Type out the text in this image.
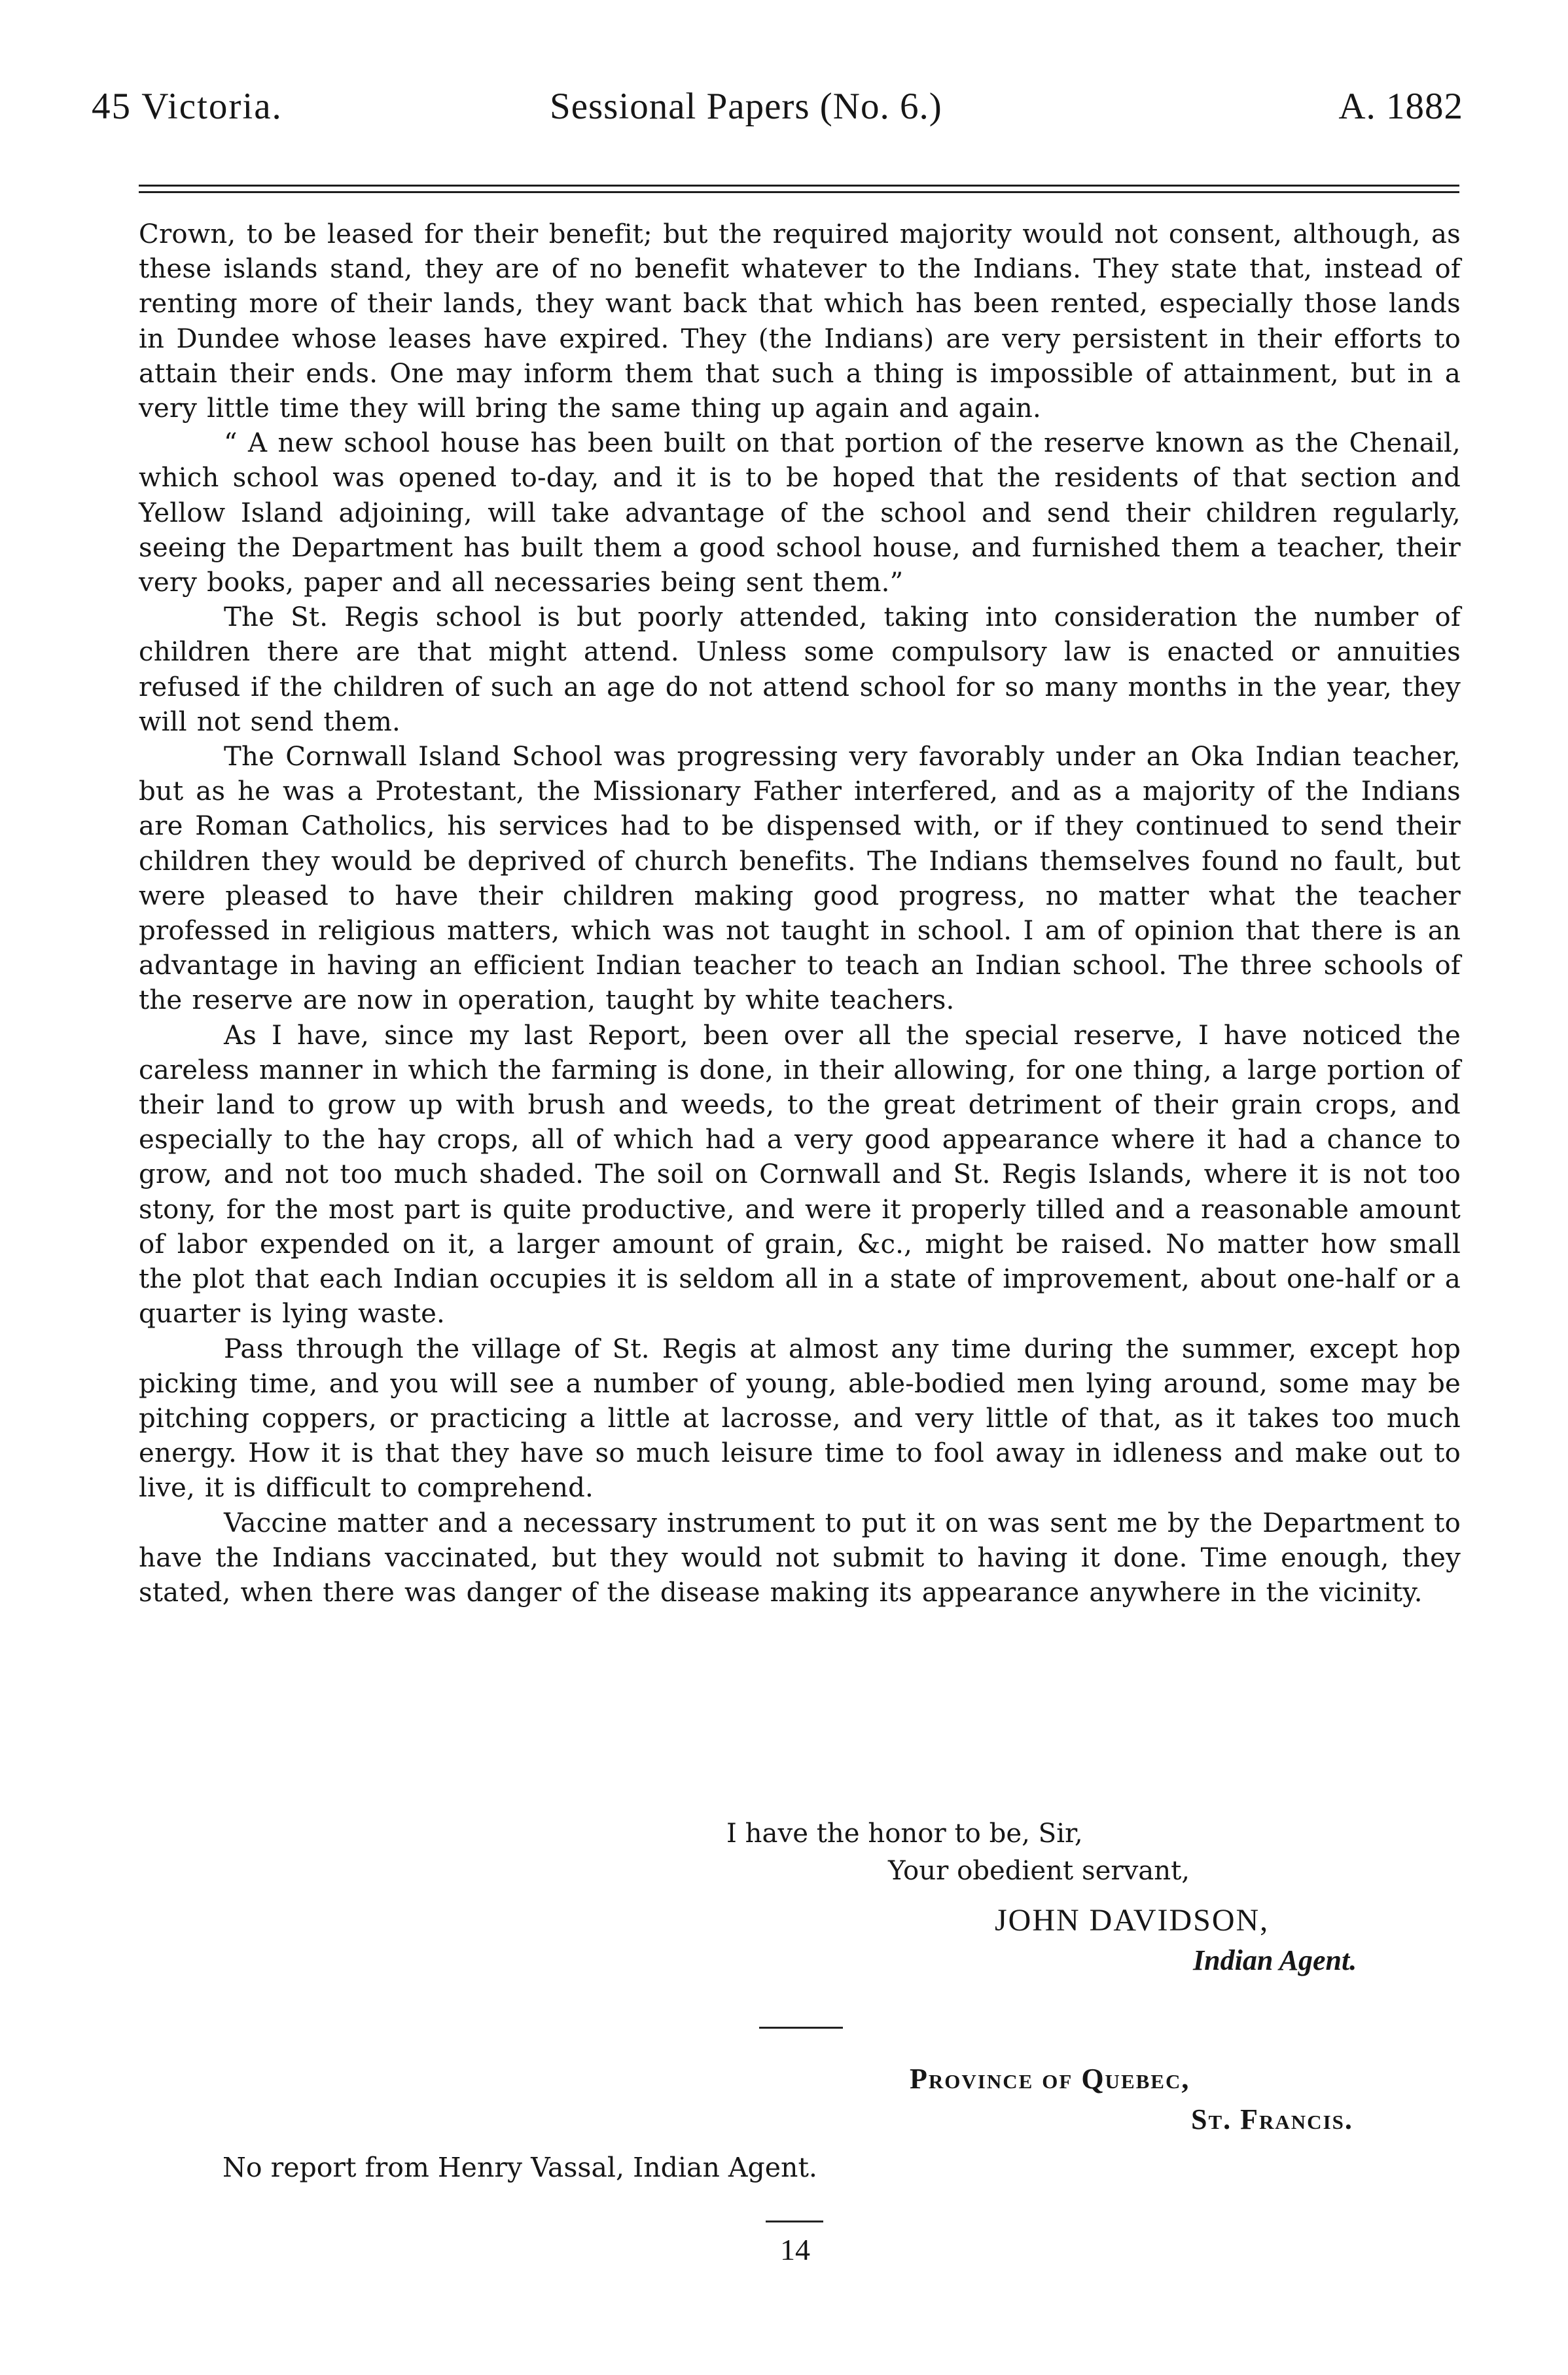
45 Victoria.	Sessional Papers (No. 6.)	A. 1882

Crown, to be leased for their benefit; but the required majority would not consent, although, as these islands stand, they are of no benefit whatever to the Indians. They state that, instead of renting more of their lands, they want back that which has been rented, especially those lands in Dundee whose leases have expired. They (the Indians) are very persistent in their efforts to attain their ends. One may inform them that such a thing is impossible of attainment, but in a very little time they will bring the same thing up again and again.

“ A new school house has been built on that portion of the reserve known as the Chenail, which school was opened to-day, and it is to be hoped that the residents of that section and Yellow Island adjoining, will take advantage of the school and send their children regularly, seeing the Department has built them a good school house, and furnished them a teacher, their very books, paper and all necessaries being sent them.”

The St. Regis school is but poorly attended, taking into consideration the number of children there are that might attend. Unless some compulsory law is enacted or annuities refused if the children of such an age do not attend school for so many months in the year, they will not send them.

The Cornwall Island School was progressing very favorably under an Oka Indian teacher, but as he was a Protestant, the Missionary Father interfered, and as a majority of the Indians are Roman Catholics, his services had to be dispensed with, or if they continued to send their children they would be deprived of church benefits. The Indians themselves found no fault, but were pleased to have their children making good progress, no matter what the teacher professed in religious matters, which was not taught in school. I am of opinion that there is an advantage in having an efficient Indian teacher to teach an Indian school. The three schools of the reserve are now in operation, taught by white teachers.

As I have, since my last Report, been over all the special reserve, I have noticed the careless manner in which the farming is done, in their allowing, for one thing, a large portion of their land to grow up with brush and weeds, to the great detriment of their grain crops, and especially to the hay crops, all of which had a very good appearance where it had a chance to grow, and not too much shaded. The soil on Cornwall and St. Regis Islands, where it is not too stony, for the most part is quite productive, and were it properly tilled and a reasonable amount of labor expended on it, a larger amount of grain, &c., might be raised. No matter how small the plot that each Indian occupies it is seldom all in a state of improvement, about one-half or a quarter is lying waste.

Pass through the village of St. Regis at almost any time during the summer, except hop picking time, and you will see a number of young, able-bodied men lying around, some may be pitching coppers, or practicing a little at lacrosse, and very little of that, as it takes too much energy. How it is that they have so much leisure time to fool away in idleness and make out to live, it is difficult to comprehend.

Vaccine matter and a necessary instrument to put it on was sent me by the Department to have the Indians vaccinated, but they would not submit to having it done. Time enough, they stated, when there was danger of the disease making its appearance anywhere in the vicinity.

I have the honor to be, Sir,
Your obedient servant,
JOHN DAVIDSON,
Indian Agent.
Province of Quebec,
St. Francis.
No report from Henry Vassal, Indian Agent.
14
